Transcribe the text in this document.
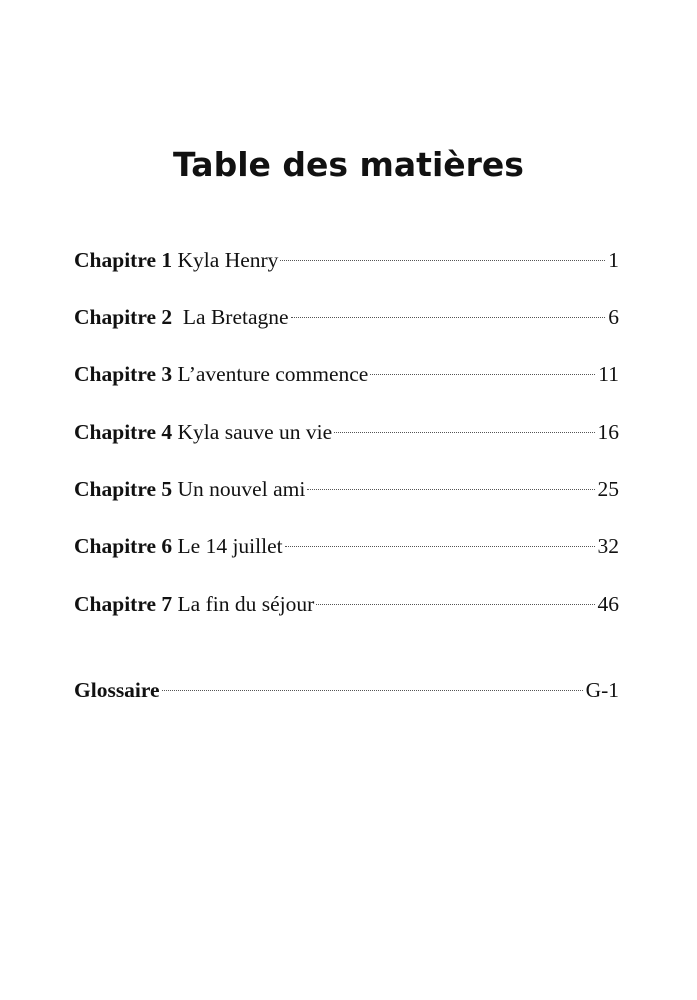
Table des matières
Chapitre 1 Kyla Henry	1
Chapitre 2 La Bretagne	6
Chapitre 3 L’aventure commence	11
Chapitre 4 Kyla sauve un vie	16
Chapitre 5 Un nouvel ami	25
Chapitre 6 Le 14 juillet	32
Chapitre 7 La fin du séjour	46
Glossaire	G-1
